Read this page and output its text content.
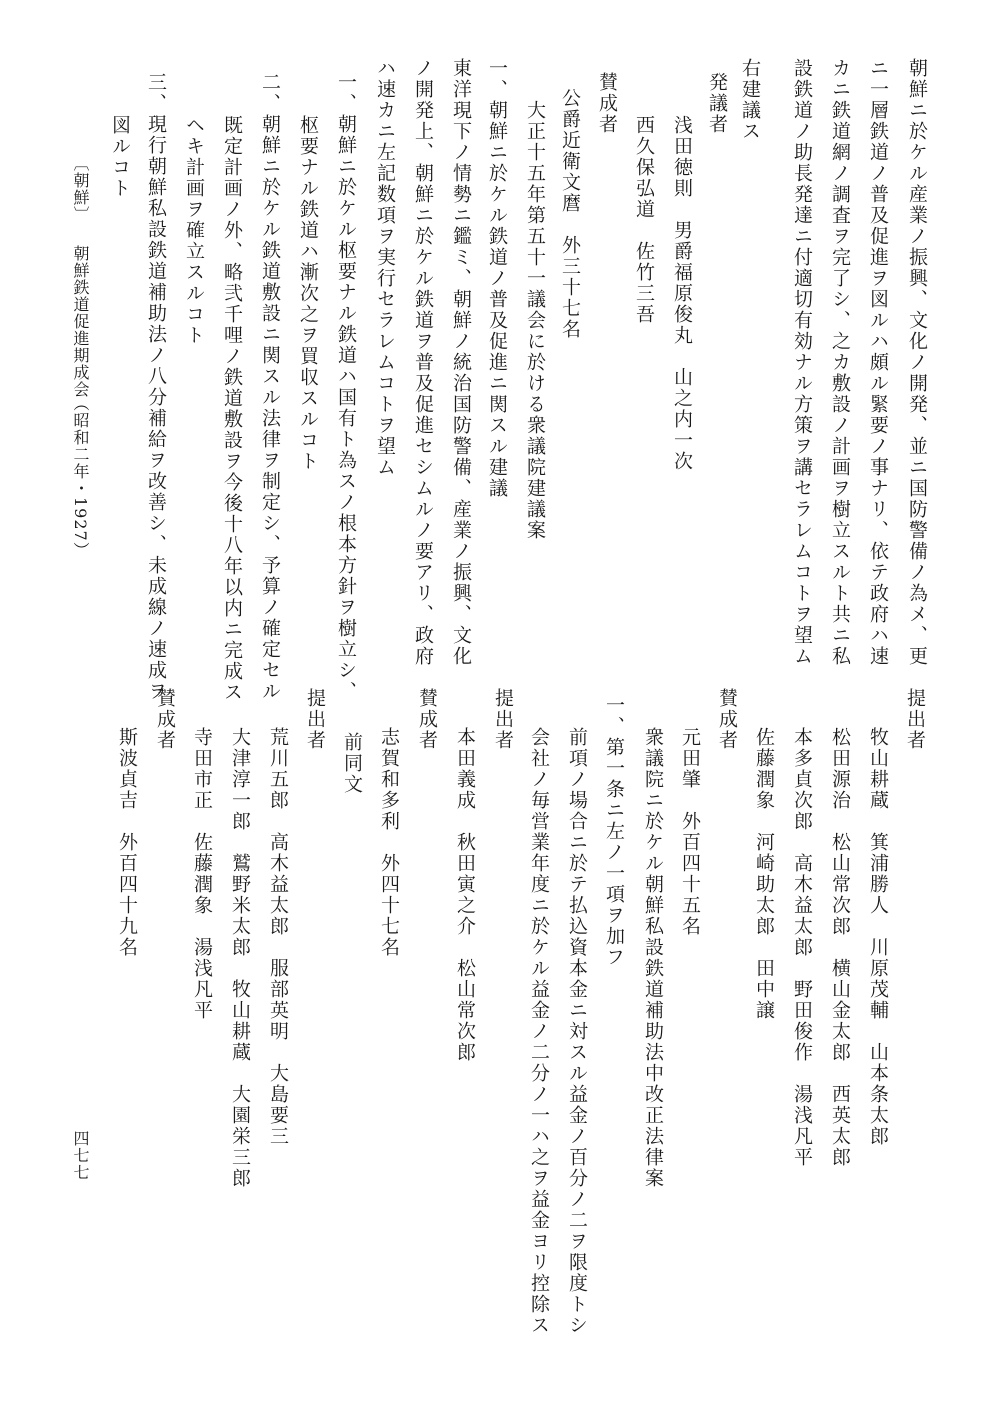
朝鮮ニ於ケル産業ノ振興、文化ノ開発、並ニ国防警備ノ為メ、更
ニ一層鉄道ノ普及促進ヲ図ルハ頗ル緊要ノ事ナリ、依テ政府ハ速
カニ鉄道網ノ調査ヲ完了シ、之カ敷設ノ計画ヲ樹立スルト共ニ私
設鉄道ノ助長発達ニ付適切有効ナル方策ヲ講セラレムコトヲ望ム
右建議ス
発議者
浅田徳則　男爵福原俊丸　山之内一次
西久保弘道　佐竹三吾
賛成者
公爵近衛文麿　外三十七名
大正十五年第五十一議会に於ける衆議院建議案
一、朝鮮ニ於ケル鉄道ノ普及促進ニ関スル建議
東洋現下ノ情勢ニ鑑ミ、朝鮮ノ統治国防警備、産業ノ振興、文化
ノ開発上、朝鮮ニ於ケル鉄道ヲ普及促進セシムルノ要アリ、政府
ハ速カニ左記数項ヲ実行セラレムコトヲ望ム
一、朝鮮ニ於ケル枢要ナル鉄道ハ国有ト為スノ根本方針ヲ樹立シ、
枢要ナル鉄道ハ漸次之ヲ買収スルコト
二、朝鮮ニ於ケル鉄道敷設ニ関スル法律ヲ制定シ、予算ノ確定セル
既定計画ノ外、略弐千哩ノ鉄道敷設ヲ今後十八年以内ニ完成ス
ヘキ計画ヲ確立スルコト
三、現行朝鮮私設鉄道補助法ノ八分補給ヲ改善シ、未成線ノ速成ヲ
図ルコト
提出者
牧山耕蔵　箕浦勝人　川原茂輔　山本条太郎
松田源治　松山常次郎　横山金太郎　西英太郎
本多貞次郎　高木益太郎　野田俊作　湯浅凡平
佐藤潤象　河崎助太郎　田中譲
賛成者
元田肇　外百四十五名
衆議院ニ於ケル朝鮮私設鉄道補助法中改正法律案
一、第一条ニ左ノ一項ヲ加フ
前項ノ場合ニ於テ払込資本金ニ対スル益金ノ百分ノ二ヲ限度トシ
会社ノ毎営業年度ニ於ケル益金ノ二分ノ一ハ之ヲ益金ヨリ控除ス
提出者
本田義成　秋田寅之介　松山常次郎
賛成者
志賀和多利　外四十七名
前同文
提出者
荒川五郎　高木益太郎　服部英明　大島要三
大津淳一郎　鷲野米太郎　牧山耕蔵　大園栄三郎
寺田市正　佐藤潤象　湯浅凡平
賛成者
斯波貞吉　外百四十九名
〔朝鮮〕
朝鮮鉄道促進期成会
（昭和二年・1927）
四七七
